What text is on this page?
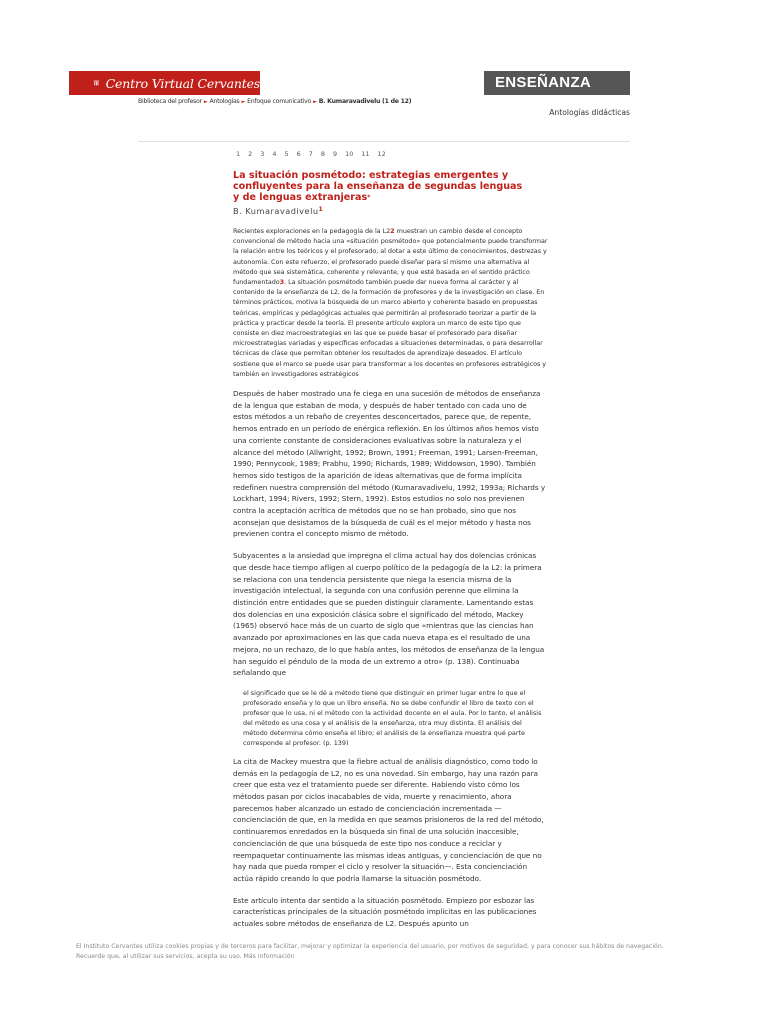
Centro Virtual Cervantes	ENSEÑANZA
Biblioteca del profesor ► Antologías ► Enfoque comunicativo ► B. Kumaravadivelu (1 de 12)
Antologías didácticas
1 2 3 4 5 6 7 8 9 10 11 12
La situación posmétodo: estrategias emergentes y
confluyentes para la enseñanza de segundas lenguas
y de lenguas extranjeras*
B. Kumaravadivelu$^1$

Recientes exploraciones en la pedagogía de la L22 muestran un cambio desde el concepto convencional de método hacia una «situación posmétodo» que potencialmente puede transformar la relación entre los teóricos y el profesorado, al dotar a este último de conocimientos, destrezas y autonomía. Con este refuerzo, el profesorado puede diseñar para sí mismo una alternativa al método que sea sistemática, coherente y relevante, y que esté basada en el sentido práctico fundamentado3. La situación posmétodo también puede dar nueva forma al carácter y al contenido de la enseñanza de L2, de la formación de profesores y de la investigación en clase. En términos prácticos, motiva la búsqueda de un marco abierto y coherente basado en propuestas teóricas, empíricas y pedagógicas actuales que permitirán al profesorado teorizar a partir de la práctica y practicar desde la teoría. El presente artículo explora un marco de este tipo que consiste en diez macroestrategias en las que se puede basar el profesorado para diseñar microestrategias variadas y específicas enfocadas a situaciones determinadas, o para desarrollar técnicas de clase que permitan obtener los resultados de aprendizaje deseados. El artículo sostiene que el marco se puede usar para transformar a los docentes en profesores estratégicos y también en investigadores estratégicos

Después de haber mostrado una fe ciega en una sucesión de métodos de enseñanza de la lengua que estaban de moda, y después de haber tentado con cada uno de estos métodos a un rebaño de creyentes desconcertados, parece que, de repente, hemos entrado en un período de enérgica reflexión. En los últimos años hemos visto una corriente constante de consideraciones evaluativas sobre la naturaleza y el alcance del método (Allwright, 1992; Brown, 1991; Freeman, 1991; Larsen-Freeman, 1990; Pennycook, 1989; Prabhu, 1990; Richards, 1989; Widdowson, 1990). También hemos sido testigos de la aparición de ideas alternativas que de forma implícita redefinen nuestra comprensión del método (Kumaravadivelu, 1992, 1993a; Richards y Lockhart, 1994; Rivers, 1992; Stern, 1992). Estos estudios no solo nos previenen contra la aceptación acrítica de métodos que no se han probado, sino que nos aconsejan que desistamos de la búsqueda de cuál es el mejor método y hasta nos previenen contra el concepto mismo de método.

Subyacentes a la ansiedad que impregna el clima actual hay dos dolencias crónicas que desde hace tiempo afligen al cuerpo político de la pedagogía de la L2: la primera se relaciona con una tendencia persistente que niega la esencia misma de la investigación intelectual, la segunda con una confusión perenne que elimina la distinción entre entidades que se pueden distinguir claramente. Lamentando estas dos dolencias en una exposición clásica sobre el significado del método, Mackey (1965) observó hace más de un cuarto de siglo que «mientras que las ciencias han avanzado por aproximaciones en las que cada nueva etapa es el resultado de una mejora, no un rechazo, de lo que había antes, los métodos de enseñanza de la lengua han seguido el péndulo de la moda de un extremo a otro» (p. 138). Continuaba señalando que

el significado que se le dé a método tiene que distinguir en primer lugar entre lo que el profesorado enseña y lo que un libro enseña. No se debe confundir el libro de texto con el profesor que lo usa, ni el método con la actividad docente en el aula. Por lo tanto, el análisis del método es una cosa y el análisis de la enseñanza, otra muy distinta. El análisis del método determina cómo enseña el libro; el análisis de la enseñanza muestra qué parte corresponde al profesor. (p. 139)

La cita de Mackey muestra que la fiebre actual de análisis diagnóstico, como todo lo demás en la pedagogía de L2, no es una novedad. Sin embargo, hay una razón para creer que esta vez el tratamiento puede ser diferente. Habiendo visto cómo los métodos pasan por ciclos inacabables de vida, muerte y renacimiento, ahora parecemos haber alcanzado un estado de concienciación incrementada —concienciación de que, en la medida en que seamos prisioneros de la red del método, continuaremos enredados en la búsqueda sin final de una solución inaccesible, concienciación de que una búsqueda de este tipo nos conduce a reciclar y reempaquetar continuamente las mismas ideas antiguas, y concienciación de que no hay nada que pueda romper el ciclo y resolver la situación—. Esta concienciación actúa rápido creando lo que podría llamarse la situación posmétodo.

Este artículo intenta dar sentido a la situación posmétodo. Empiezo por esbozar las características principales de la situación posmétodo implícitas en las publicaciones actuales sobre métodos de enseñanza de L2. Después apunto un

El Instituto Cervantes utiliza cookies propias y de terceros para facilitar, mejorar y optimizar la experiencia del usuario, por motivos de seguridad, y para conocer sus hábitos de navegación.
Recuerde que, al utilizar sus servicios, acepta su uso. Más información
